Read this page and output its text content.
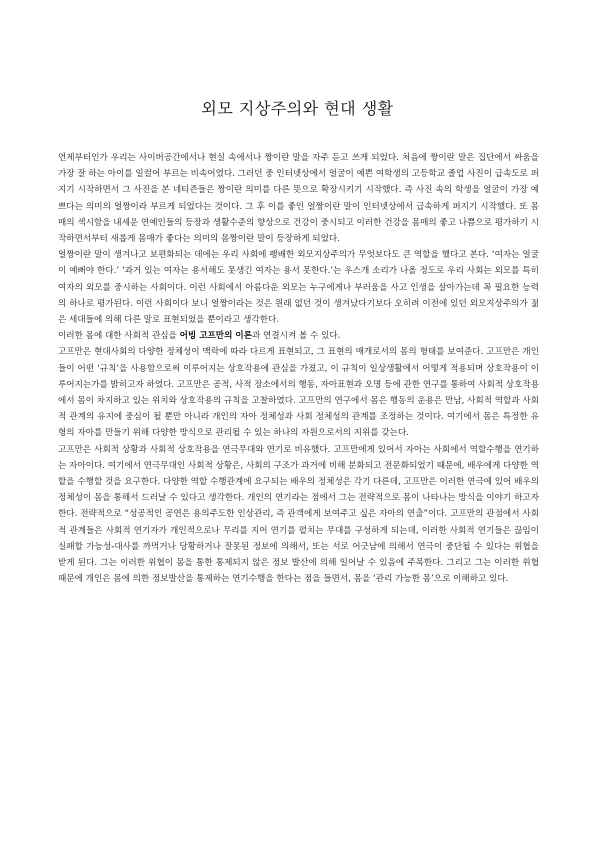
외모 지상주의와 현대 생활

언제부터인가 우리는 사이버공간에서나 현실 속에서나 짱이란 말을 자주 듣고 쓰게 되었다. 처음에 짱이란 말은 집단에서 싸움을 가장 잘 하는 아이를 일컬어 부르는 비속어였다. 그러던 중 인터넷상에서 얼굴이 예쁜 여학생의 고등학교 졸업 사진이 급속도로 퍼지기 시작하면서 그 사진을 본 네티즌들은 짱이란 의미를 다른 뜻으로 확장시키기 시작했다. 즉 사진 속의 학생을 얼굴이 가장 예쁘다는 의미의 얼짱이라 부르게 되었다는 것이다. 그 후 이를 좋인 얼짱이란 말이 인터넷상에서 급속하게 퍼지기 시작했다. 또 몸매의 섹시함을 내세운 연예인들의 등장과 생활수준의 향상으로 건강이 중시되고 이러한 건강을 몸매의 좋고 나쁨으로 평가하기 시작하면서부터 새롭게 몸매가 좋다는 의미의 몸짱이란 말이 등장하게 되었다.

얼짱이란 말이 생겨나고 보편화되는 데에는 우리 사회에 팽배한 외모지상주의가 무엇보다도 큰 역할을 했다고 본다. ‘여자는 얼굴이 예뻐야 한다.’ ‘과거 있는 여자는 용서해도 못생긴 여자는 용서 못한다.’는 우스개 소리가 나올 정도로 우리 사회는 외모를 특히 여자의 외모를 중시하는 사회이다. 이런 사회에서 아름다운 외모는 누구에게나 부러움을 사고 인생을 살아가는데 꼭 필요한 능력의 하나로 평가된다. 이런 사회이다 보니 얼짱이라는 것은 원래 없던 것이 생겨났다기보다 오히려 이전에 있던 외모지상주의가 젊은 세대들에 의해 다른 말로 표현되었을 뿐이라고 생각한다.

이러한 몸에 대한 사회적 관심을 어빙 고프만의 이론과 연결시켜 볼 수 있다.

고프만은 현대사회의 다양한 정체성이 맥락에 따라 다르게 표현되고, 그 표현의 매개로서의 몸의 형태를 보여준다. 고프만은 개인들이 어떤 ‘규칙’을 사용함으로써 이루어지는 상호작용에 관심을 가졌고, 이 규칙이 일상생활에서 어떻게 적용되며 상호작용이 이루어지는가를 밝히고자 하였다. 고프만은 공적, 사적 장소에서의 행동, 자아표현과 오명 등에 관한 연구를 통하여 사회적 상호작용에서 몸이 차지하고 있는 위치와 상호작용의 규칙을 고찰하였다. 고프만의 연구에서 몸은 행동의 운용은 만남, 사회적 역할과 사회적 관계의 유지에 중심이 될 뿐만 아니라 개인의 자아 정체성과 사회 정체성의 관계를 조정하는 것이다. 여기에서 몸은 특정한 유형의 자아를 만들기 위해 다양한 방식으로 관리될 수 있는 하나의 자원으로서의 지위를 갖는다.

고프만은 사회적 상황과 사회적 상호작용을 연극무대와 연기로 비유했다. 고프만에게 있어서 자아는 사회에서 역할수행을 연기하는 자아이다. 여기에서 연극무대인 사회적 상황은, 사회의 구조가 과거에 비해 분화되고 전문화되었기 때문에, 배우에게 다양한 역할을 수행할 것을 요구한다. 다양한 역할 수행관계에 요구되는 배우의 정체성은 각기 다른데, 고프만은 이러한 연극에 있어 배우의 정체성이 몸을 통해서 드러날 수 있다고 생각한다. 개인의 연기라는 점에서 그는 전략적으로 몸이 나타나는 방식을 이야기 하고자 한다. 전략적으로 “성공적인 공연은 용의주도한 인상관리, 즉 관객에게 보여주고 싶은 자아의 연출”이다. 고프만의 관점에서 사회적 관계들은 사회적 연기자가 개인적으로나 무리를 지어 연기를 펼치는 무대를 구성하게 되는데, 이러한 사회적 연기들은 끊임이 실패할 가능성-대사를 까먹거나 당황하거나 잘못된 정보에 의해서, 또는 서로 어긋남에 의해서 연극이 중단될 수 있다는 위협을 받게 된다. 그는 이러한 위협이 몸을 통한 통제되지 않은 정보 발산에 의해 일어날 수 있음에 주목한다. 그리고 그는 이러한 위협 때문에 개인은 몸에 의한 정보발산을 통제하는 연기수행을 한다는 점을 들면서, 몸을 ‘관리 가능한 몸’으로 이해하고 있다.
